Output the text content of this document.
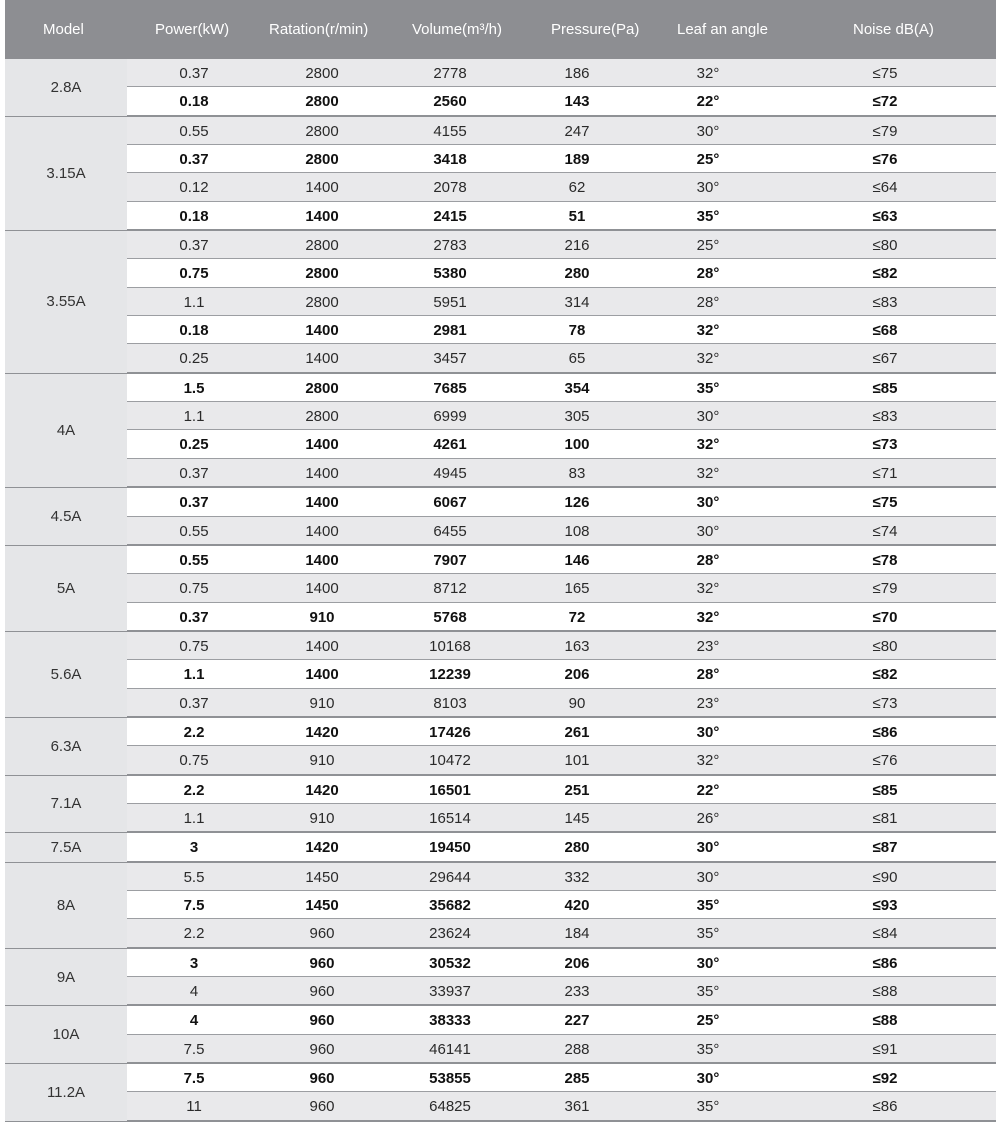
Model	Power(kW)	Ratation(r/min)	Volume(m³/h)	Pressure(Pa)	Leaf an angle	Noise dB(A)
2.8A
0.37	2800	2778	186	32°	≤75
0.18	2800	2560	143	22°	≤72
3.15A
0.55	2800	4155	247	30°	≤79
0.37	2800	3418	189	25°	≤76
0.12	1400	2078	62	30°	≤64
0.18	1400	2415	51	35°	≤63
3.55A
0.37	2800	2783	216	25°	≤80
0.75	2800	5380	280	28°	≤82
1.1	2800	5951	314	28°	≤83
0.18	1400	2981	78	32°	≤68
0.25	1400	3457	65	32°	≤67
4A
1.5	2800	7685	354	35°	≤85
1.1	2800	6999	305	30°	≤83
0.25	1400	4261	100	32°	≤73
0.37	1400	4945	83	32°	≤71
4.5A
0.37	1400	6067	126	30°	≤75
0.55	1400	6455	108	30°	≤74
5A
0.55	1400	7907	146	28°	≤78
0.75	1400	8712	165	32°	≤79
0.37	910	5768	72	32°	≤70
5.6A
0.75	1400	10168	163	23°	≤80
1.1	1400	12239	206	28°	≤82
0.37	910	8103	90	23°	≤73
6.3A
2.2	1420	17426	261	30°	≤86
0.75	910	10472	101	32°	≤76
7.1A
2.2	1420	16501	251	22°	≤85
1.1	910	16514	145	26°	≤81
7.5A	3	1420	19450	280	30°	≤87
8A
5.5	1450	29644	332	30°	≤90
7.5	1450	35682	420	35°	≤93
2.2	960	23624	184	35°	≤84
9A
3	960	30532	206	30°	≤86
4	960	33937	233	35°	≤88
10A
4	960	38333	227	25°	≤88
7.5	960	46141	288	35°	≤91
11.2A
7.5	960	53855	285	30°	≤92
11	960	64825	361	35°	≤86
